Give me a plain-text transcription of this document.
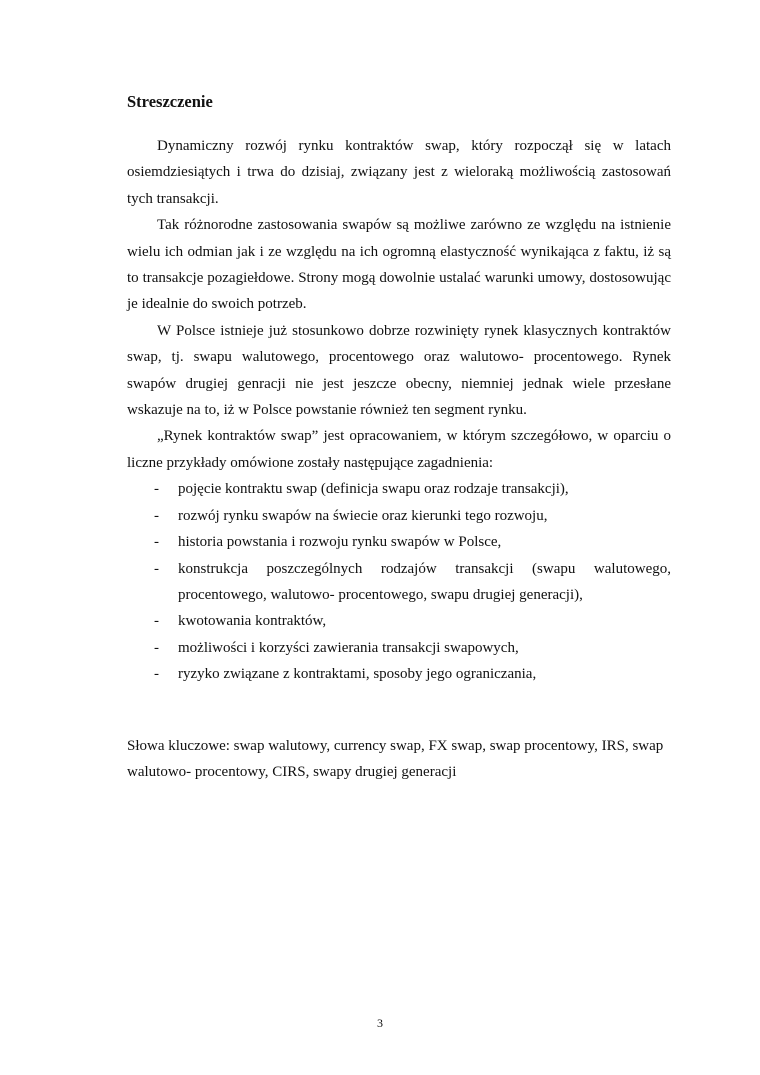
Streszczenie

Dynamiczny rozwój rynku kontraktów swap, który rozpoczął się w latach osiemdziesiątych i trwa do dzisiaj, związany jest z wieloraką możliwością zastosowań tych transakcji.

Tak różnorodne zastosowania swapów są możliwe zarówno ze względu na istnienie wielu ich odmian jak i ze względu na ich ogromną elastyczność wynikająca z faktu, iż są to transakcje pozagiełdowe. Strony mogą dowolnie ustalać warunki umowy, dostosowując je idealnie do swoich potrzeb.

W Polsce istnieje już stosunkowo dobrze rozwinięty rynek klasycznych kontraktów swap, tj. swapu walutowego, procentowego oraz walutowo- procentowego. Rynek swapów drugiej genracji nie jest jeszcze obecny, niemniej jednak wiele przesłane wskazuje na to, iż w Polsce powstanie również ten segment rynku.

„Rynek kontraktów swap” jest opracowaniem, w którym szczegółowo, w oparciu o liczne przykłady omówione zostały następujące zagadnienia:

- pojęcie kontraktu swap (definicja swapu oraz rodzaje transakcji),
- rozwój rynku swapów na świecie oraz kierunki tego rozwoju,
- historia powstania i rozwoju rynku swapów w Polsce,
- konstrukcja poszczególnych rodzajów transakcji (swapu walutowego, procentowego, walutowo- procentowego, swapu drugiej generacji),
- kwotowania kontraktów,
- możliwości i korzyści zawierania transakcji swapowych,
- ryzyko związane z kontraktami, sposoby jego ograniczania,

Słowa kluczowe: swap walutowy, currency swap, FX swap, swap procentowy, IRS, swap walutowo- procentowy, CIRS, swapy drugiej generacji

3
